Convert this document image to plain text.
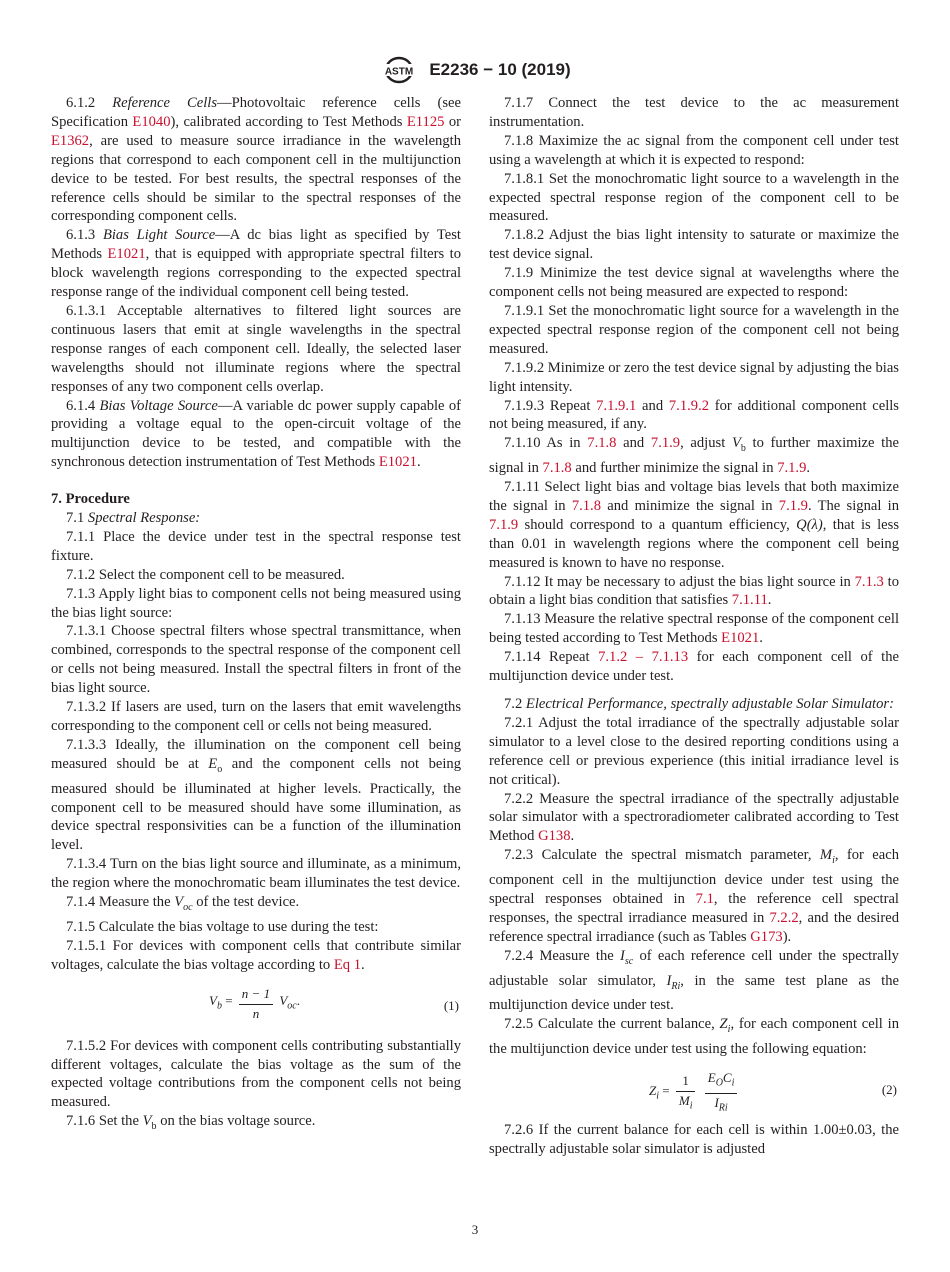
ASTM E2236 − 10 (2019)

6.1.2 Reference Cells—Photovoltaic reference cells (see Specification E1040), calibrated according to Test Methods E1125 or E1362, are used to measure source irradiance in the wavelength regions that correspond to each component cell in the multijunction device to be tested. For best results, the spectral responses of the reference cells should be similar to the spectral responses of the corresponding component cells.

6.1.3 Bias Light Source—A dc bias light as specified by Test Methods E1021, that is equipped with appropriate spectral filters to block wavelength regions corresponding to the expected spectral response range of the individual component cell being tested.

6.1.3.1 Acceptable alternatives to filtered light sources are continuous lasers that emit at single wavelengths in the spectral response ranges of each component cell. Ideally, the selected laser wavelengths should not illuminate regions where the spectral responses of any two component cells overlap.

6.1.4 Bias Voltage Source—A variable dc power supply capable of providing a voltage equal to the open-circuit voltage of the multijunction device to be tested, and compatible with the synchronous detection instrumentation of Test Methods E1021.

7. Procedure

7.1 Spectral Response:

7.1.1 Place the device under test in the spectral response test fixture.

7.1.2 Select the component cell to be measured.

7.1.3 Apply light bias to component cells not being measured using the bias light source:

7.1.3.1 Choose spectral filters whose spectral transmittance, when combined, corresponds to the spectral response of the component cell or cells not being measured. Install the spectral filters in front of the bias light source.

7.1.3.2 If lasers are used, turn on the lasers that emit wavelengths corresponding to the component cell or cells not being measured.

7.1.3.3 Ideally, the illumination on the component cell being measured should be at $E_o$ and the component cells not being measured should be illuminated at higher levels. Practically, the component cell to be measured should have some illumination, as device spectral responsivities can be a function of the illumination level.

7.1.3.4 Turn on the bias light source and illuminate, as a minimum, the region where the monochromatic beam illuminates the test device.

7.1.4 Measure the $V_{oc}$ of the test device.

7.1.5 Calculate the bias voltage to use during the test:

7.1.5.1 For devices with component cells that contribute similar voltages, calculate the bias voltage according to Eq 1.

$V_b = \frac{n - 1}{n} V_{oc}$.	(1)

7.1.5.2 For devices with component cells contributing substantially different voltages, calculate the bias voltage as the sum of the expected voltage contributions from the component cells not being measured.

7.1.6 Set the $V_b$ on the bias voltage source.

7.1.7 Connect the test device to the ac measurement instrumentation.

7.1.8 Maximize the ac signal from the component cell under test using a wavelength at which it is expected to respond:

7.1.8.1 Set the monochromatic light source to a wavelength in the expected spectral response region of the component cell to be measured.

7.1.8.2 Adjust the bias light intensity to saturate or maximize the test device signal.

7.1.9 Minimize the test device signal at wavelengths where the component cells not being measured are expected to respond:

7.1.9.1 Set the monochromatic light source for a wavelength in the expected spectral response region of the component cell not being measured.

7.1.9.2 Minimize or zero the test device signal by adjusting the bias light intensity.

7.1.9.3 Repeat 7.1.9.1 and 7.1.9.2 for additional component cells not being measured, if any.

7.1.10 As in 7.1.8 and 7.1.9, adjust $V_b$ to further maximize the signal in 7.1.8 and further minimize the signal in 7.1.9.

7.1.11 Select light bias and voltage bias levels that both maximize the signal in 7.1.8 and minimize the signal in 7.1.9. The signal in 7.1.9 should correspond to a quantum efficiency, Q(λ), that is less than 0.01 in wavelength regions where the component cell being measured is known to have no response.

7.1.12 It may be necessary to adjust the bias light source in 7.1.3 to obtain a light bias condition that satisfies 7.1.11.

7.1.13 Measure the relative spectral response of the component cell being tested according to Test Methods E1021.

7.1.14 Repeat 7.1.2 – 7.1.13 for each component cell of the multijunction device under test.

7.2 Electrical Performance, spectrally adjustable Solar Simulator:

7.2.1 Adjust the total irradiance of the spectrally adjustable solar simulator to a level close to the desired reporting conditions using a reference cell or previous experience (this initial irradiance level is not critical).

7.2.2 Measure the spectral irradiance of the spectrally adjustable solar simulator with a spectroradiometer calibrated according to Test Method G138.

7.2.3 Calculate the spectral mismatch parameter, $M_i$, for each component cell in the multijunction device under test using the spectral responses obtained in 7.1, the reference cell spectral responses, the spectral irradiance measured in 7.2.2, and the desired reference spectral irradiance (such as Tables G173).

7.2.4 Measure the $I_{sc}$ of each reference cell under the spectrally adjustable solar simulator, $I_{Ri}$, in the same test plane as the multijunction device under test.

7.2.5 Calculate the current balance, $Z_i$, for each component cell in the multijunction device under test using the following equation:

$Z_i = \frac{1}{M_i}$
$\frac{E_OC_i}{I_{Ri}}$	(2)

7.2.6 If the current balance for each cell is within 1.00±0.03, the spectrally adjustable solar simulator is adjusted

3
